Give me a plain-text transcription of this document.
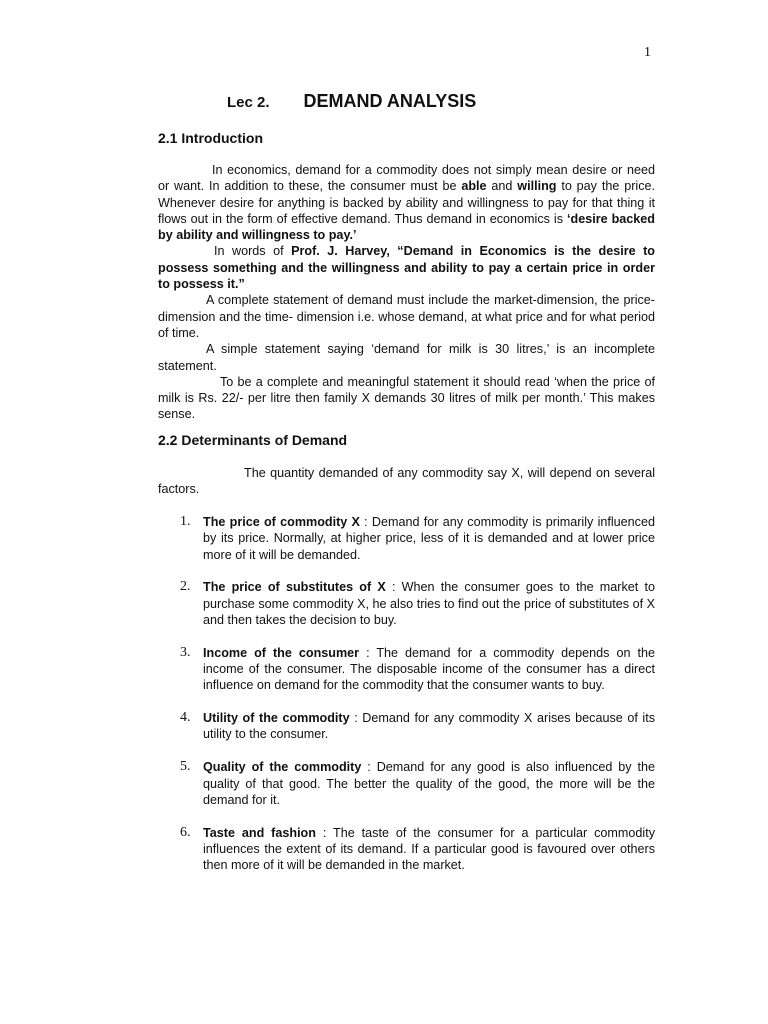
1
Lec 2. DEMAND ANALYSIS
2.1 Introduction

In economics, demand for a commodity does not simply mean desire or need or want. In addition to these, the consumer must be able and willing to pay the price. Whenever desire for anything is backed by ability and willingness to pay for that thing it flows out in the form of effective demand. Thus demand in economics is ‘desire backed by ability and willingness to pay.’

In words of Prof. J. Harvey, “Demand in Economics is the desire to possess something and the willingness and ability to pay a certain price in order to possess it.”

A complete statement of demand must include the market-dimension, the price- dimension and the time- dimension i.e. whose demand, at what price and for what period of time.

A simple statement saying ‘demand for milk is 30 litres,’ is an incomplete statement.

To be a complete and meaningful statement it should read ‘when the price of milk is Rs. 22/- per litre then family X demands 30 litres of milk per month.’ This makes sense.

2.2 Determinants of Demand

The quantity demanded of any commodity say X, will depend on several factors.

1. The price of commodity X : Demand for any commodity is primarily influenced by its price. Normally, at higher price, less of it is demanded and at lower price more of it will be demanded.
2. The price of substitutes of X : When the consumer goes to the market to purchase some commodity X, he also tries to find out the price of substitutes of X and then takes the decision to buy.
3. Income of the consumer : The demand for a commodity depends on the income of the consumer. The disposable income of the consumer has a direct influence on demand for the commodity that the consumer wants to buy.
4. Utility of the commodity : Demand for any commodity X arises because of its utility to the consumer.
5. Quality of the commodity : Demand for any good is also influenced by the quality of that good. The better the quality of the good, the more will be the demand for it.
6. Taste and fashion : The taste of the consumer for a particular commodity influences the extent of its demand. If a particular good is favoured over others then more of it will be demanded in the market.
